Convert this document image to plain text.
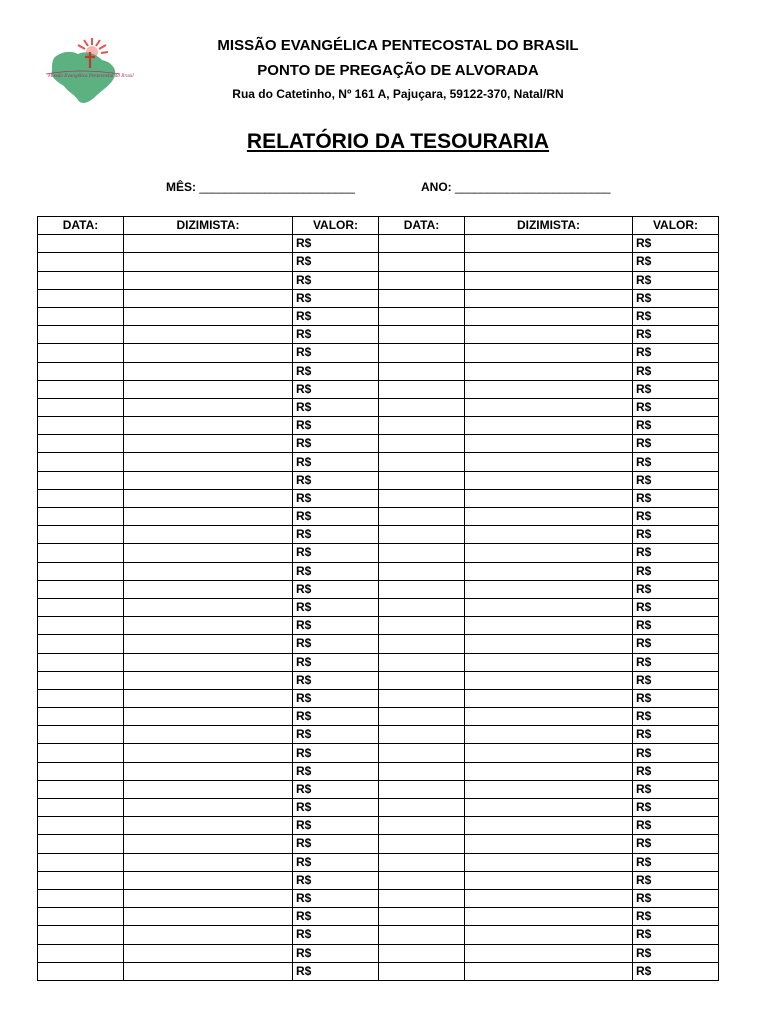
Missão Evangélica Pentecostal do Brasil
MISSÃO EVANGÉLICA PENTECOSTAL DO BRASIL
PONTO DE PREGAÇÃO DE ALVORADA
Rua do Catetinho, Nº 161 A, Pajuçara, 59122-370, Natal/RN
RELATÓRIO DA TESOURARIA
MÊS: ________________________	ANO: ________________________
DATA:	DIZIMISTA:	VALOR:	DATA:	DIZIMISTA:	VALOR:
		R$			R$
		R$			R$
		R$			R$
		R$			R$
		R$			R$
		R$			R$
		R$			R$
		R$			R$
		R$			R$
		R$			R$
		R$			R$
		R$			R$
		R$			R$
		R$			R$
		R$			R$
		R$			R$
		R$			R$
		R$			R$
		R$			R$
		R$			R$
		R$			R$
		R$			R$
		R$			R$
		R$			R$
		R$			R$
		R$			R$
		R$			R$
		R$			R$
		R$			R$
		R$			R$
		R$			R$
		R$			R$
		R$			R$
		R$			R$
		R$			R$
		R$			R$
		R$			R$
		R$			R$
		R$			R$
		R$			R$
		R$			R$
